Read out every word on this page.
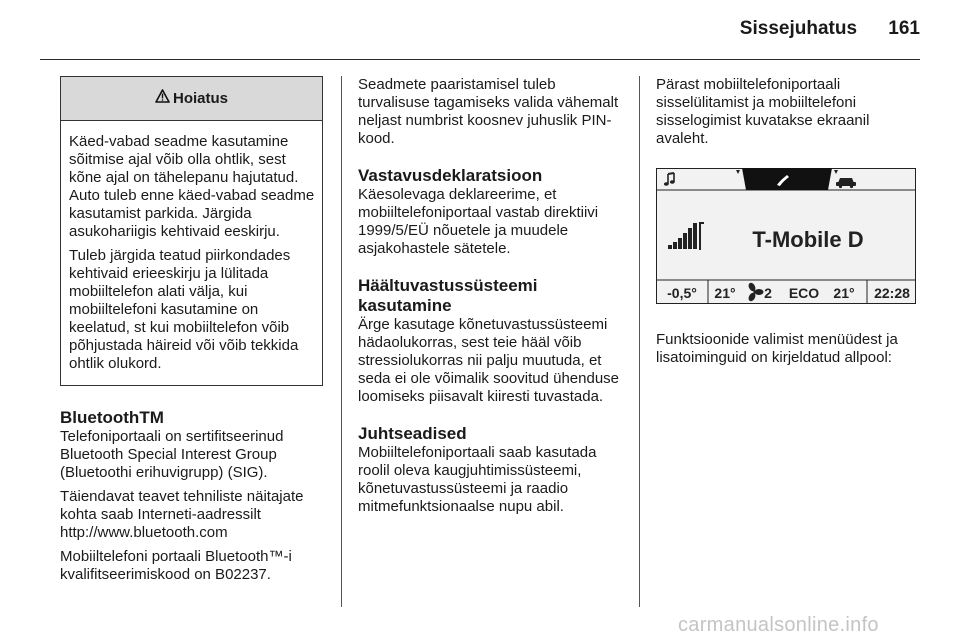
Sissejuhatus 161
Hoiatus

Käed-vabad seadme kasutamine sõitmise ajal võib olla ohtlik, sest kõne ajal on tähelepanu hajutatud. Auto tuleb enne käed-vabad seadme kasutamist parkida. Järgida asukohariigis kehtivaid eeskirju.

Tuleb järgida teatud piirkondades kehtivaid erieeskirju ja lülitada mobiiltelefon alati välja, kui mobiiltelefoni kasutamine on keelatud, st kui mobiiltelefon võib põhjustada häireid või võib tekkida ohtlik olukord.

BluetoothTM

Telefoniportaali on sertifitseerinud Bluetooth Special Interest Group (Bluetoothi erihuvigrupp) (SIG).

Täiendavat teavet tehniliste näitajate kohta saab Interneti-aadressilt http://www.bluetooth.com

Mobiiltelefoni portaali Bluetooth™-i kvalifitseerimiskood on B02237.

Seadmete paaristamisel tuleb turvalisuse tagamiseks valida vähemalt neljast numbrist koosnev juhuslik PIN-kood.

Vastavusdeklaratsioon

Käesolevaga deklareerime, et mobiiltelefoniportaal vastab direktiivi 1999/5/EÜ nõuetele ja muudele asjakohastele sätetele.

Häältuvastussüsteemi
kasutamine

Ärge kasutage kõnetuvastussüsteemi hädaolukorras, sest teie hääl võib stressiolukorras nii palju muutuda, et seda ei ole võimalik soovitud ühenduse loomiseks piisavalt kiiresti tuvastada.

Juhtseadised

Mobiiltelefoniportaali saab kasutada roolil oleva kaugjuhtimissüsteemi, kõnetuvastussüsteemi ja raadio mitmefunktsionaalse nupu abil.

Pärast mobiiltelefoniportaali sisselülitamist ja mobiiltelefoni sisselogimist kuvatakse ekraanil avaleht.

T-Mobile D
-0,5° 21° 2 ECO 21° 22:28

Funktsioonide valimist menüüdest ja lisatoiminguid on kirjeldatud allpool:

carmanualsonline.info
